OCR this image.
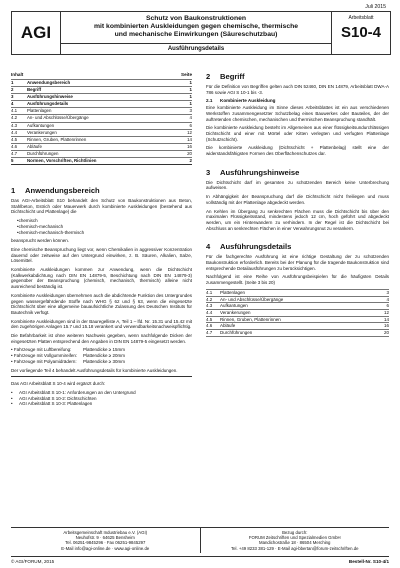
Juli 2015
AGI
Schutz von Baukonstruktionen
mit kombinierten Auskleidungen gegen chemische, thermische
und mechanische Einwirkungen (Säureschutzbau)
Ausführungsdetails
Arbeitsblatt
S10-4
Inhalt	Seite
1	Anwendungsbereich	1
2	Begriff	1
3	Ausführungshinweise	1
4	Ausführungsdetails	1
4.1	Plattenlagen	3
4.2	An- und Abschlüsse/Übergänge	4
4.3	Aufkantungen	6
4.4	Verankerungen	12
4.5	Rinnen, Gruben, Plattenrinnen	14
4.6	Abläufe	16
4.7	Durchführungen	20
5	Normen, Vorschriften, Richtlinien	2
1	Anwendungsbereich

Das AGI-Arbeitsblatt S10 behandelt den Schutz von Baukonstruktionen aus Beton, Stahlbeton, Estrich oder Mauerwerk durch kombinierte Auskleidungen (bestehend aus Dichtschicht und Plattenlage) die

• chemisch
• chemisch-mechanisch
• chemisch-mechanisch-thermisch

beansprucht werden können.

Eine chemische Beanspruchung liegt vor, wenn Chemikalien in aggressiver Konzentration dauernd oder zeitweise auf den Untergrund einwirken, z. B. Säuren, Alkalien, Salze, Lösemittel.

Kombinierte Auskleidungen kommen zur Anwendung, wenn die Dichtschicht (Kalkwerkabdichtung nach DIN EN 14879-5, Beschichtung nach DIN EN 14879-3) gegenüber der Beanspruchung (chemisch, mechanisch, thermisch) alleine nicht ausreichend beständig ist.

Kombinierte Auskleidungen übernehmen auch die abdichtende Funktion des Untergrundes gegen wassergefährdende Stoffe nach WHG § 62 und § 63, wenn die eingesetzte Dichtschicht über eine allgemeine bauaufsichtliche Zulassung des Deutschen Instituts für Bautechnik verfügt.

Kombinierte Auskleidungen sind in der Bauregelliste A, Teil 1 – lfd. Nr. 15.31 und 15.42 mit den zugehörigen Anlagen 15.7 und 15.18 verankert und verwendbarkeitsnachweispflichtig.

Die Befahrbarkeit ist ohne weiteren Nachweis gegeben, wenn nachfolgende Dicken der eingesetzten Platten entsprechend den Angaben in DIN EN 14879-5 eingesetzt werden.

• Fahrzeuge mit Luftbereifung:	Plattendicke ≥ 15mm
• Fahrzeuge mit Vollgummireifen:	Plattendicke ≥ 20mm
• Fahrzeuge mit Polyamidrädern:	Plattendicke ≥ 30mm

Der vorliegende Teil 4 behandelt Ausführungsdetails für kombinierte Auskleidungen.

Das AGI Arbeitsblatt S 10-4 wird ergänzt durch:

•	AGI Arbeitsblatt S 10-1: Anforderungen an den Untergrund
•	AGI Arbeitsblatt S 10-2: Dichtschichten
•	AGI Arbeitsblatt S 10-3: Plattenlagen
2	Begriff

Für die Definition von Begriffen gelten auch DIN 52460, DIN EN 14879, Arbeitsblatt DWA-A 786 sowie AGI S 10-1 bis -3.

2.1	Kombinierte Auskleidung

Eine kombinierte Auskleidung im Sinne dieses Arbeitsblattes ist ein aus verschiedenen Werkstoffen zusammengesetzter Schutzbelag eines Bauwerkes oder Bauteiles, der der auftretenden chemischen, mechanischen und thermischen Beanspruchung standhält.

Die kombinierte Auskleidung besteht im Allgemeinen aus einer flüssigkeitsundurchlässigen Dichtschicht und einer mit Mörtel oder Kitten verlegten und verfugten Plattenlage (Schutzschicht).

Die kombinierte Auskleidung (Dichtschicht + Plattenbelag) stellt eine der widerstandsfähigsten Formen des Oberflächenschutzes dar.

3	Ausführungshinweise

Die Dichtschicht darf im gesamten zu schützenden Bereich keine Unterbrechung aufweisen.

In Abhängigkeit der Beanspruchung darf die Dichtschicht nicht freiliegen und muss vollständig mit der Plattenlage abgedeckt werden.

An Kehlen im Übergang zu senkrechten Flächen muss die Dichtschicht bis über den maximalen Flüssigkeitsstand, mindestens jedoch 12 cm, hoch geführt und abgedeckt werden, um ein Hinterwandern zu verhindern. In der Regel ist die Dichtschicht bei Abschluss an senkrechten Flächen in einer Verwahrungsnut zu verankern.

4	Ausführungsdetails

Für die fachgerechte Ausführung ist eine richtige Gestaltung der zu schützenden Baukonstruktion erforderlich. Bereits bei der Planung für die tragende Baukonstruktion sind entsprechende Detailausführungen zu berücksichtigen.

Nachfolgend ist eine Reihe von Ausführungsbeispielen für die häufigsten Details zusammengestellt. (Seite 3 bis 20)

4.1	Plattenlagen	3
4.2	An- und Abschlüsse/Übergänge	4
4.3	Aufkantungen	6
4.4	Verankerungen	12
4.5	Rinnen, Gruben, Plattenrinnen	14
4.6	Abläufe	16
4.7	Durchführungen	20
Arbeitsgemeinschaft Industriebau e.V. (AGI)
Neuhofstr. 9 · 64625 Bensheim
Tel. 06251-9845296 · Fax 06251-9845297
E-Mail info@agi-online.de · www.agi-online.de
Bezug durch:
FORUM Zeitschriften und Spezialmedien GmbH
Mandichostraße 18 · 86504 Merching
Tel. +49 8233 381-129 · E-Mail agi-bbertan@forum-zeitschriften.de
© AGI/FORUM, 2015	Bestell-Nr. S10-4/1
